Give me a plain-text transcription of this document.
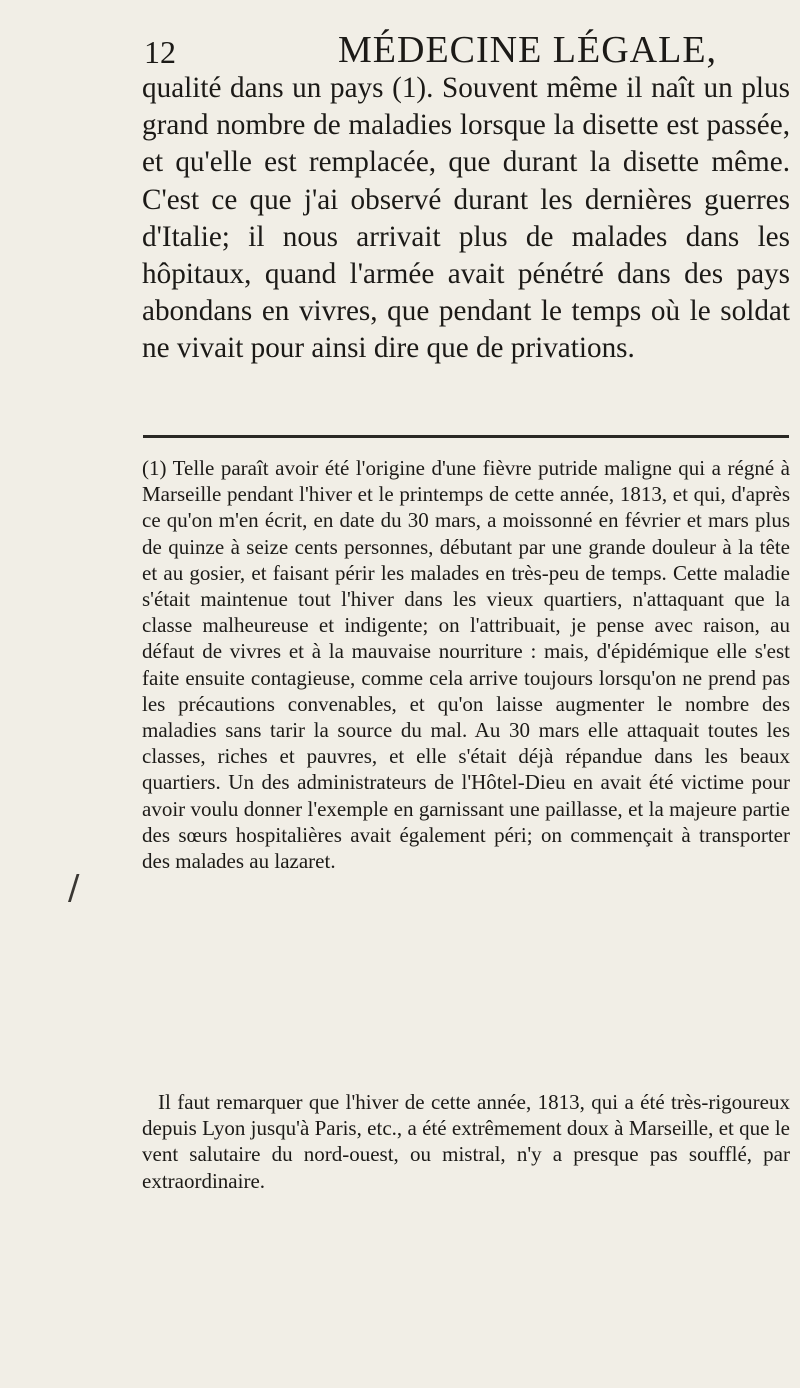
12	MÉDECINE LÉGALE,

qualité dans un pays (1). Souvent même il naît un plus grand nombre de maladies lorsque la disette est passée, et qu'elle est remplacée, que durant la disette même. C'est ce que j'ai observé durant les dernières guerres d'Italie; il nous arrivait plus de malades dans les hôpitaux, quand l'armée avait pénétré dans des pays abondans en vivres, que pendant le temps où le soldat ne vivait pour ainsi dire que de privations.

(1) Telle paraît avoir été l'origine d'une fièvre putride maligne qui a régné à Marseille pendant l'hiver et le printemps de cette année, 1813, et qui, d'après ce qu'on m'en écrit, en date du 30 mars, a moissonné en février et mars plus de quinze à seize cents personnes, débutant par une grande douleur à la tête et au gosier, et faisant périr les malades en très-peu de temps. Cette maladie s'était maintenue tout l'hiver dans les vieux quartiers, n'attaquant que la classe malheureuse et indigente; on l'attribuait, je pense avec raison, au défaut de vivres et à la mauvaise nourriture : mais, d'épidémique elle s'est faite ensuite contagieuse, comme cela arrive toujours lorsqu'on ne prend pas les précautions convenables, et qu'on laisse augmenter le nombre des maladies sans tarir la source du mal. Au 30 mars elle attaquait toutes les classes, riches et pauvres, et elle s'était déjà répandue dans les beaux quartiers. Un des administrateurs de l'Hôtel-Dieu en avait été victime pour avoir voulu donner l'exemple en garnissant une paillasse, et la majeure partie des sœurs hospitalières avait également péri; on commençait à transporter des malades au lazaret.

Il faut remarquer que l'hiver de cette année, 1813, qui a été très-rigoureux depuis Lyon jusqu'à Paris, etc., a été extrêmement doux à Marseille, et que le vent salutaire du nord-ouest, ou mistral, n'y a presque pas soufflé, par extraordinaire.

/
